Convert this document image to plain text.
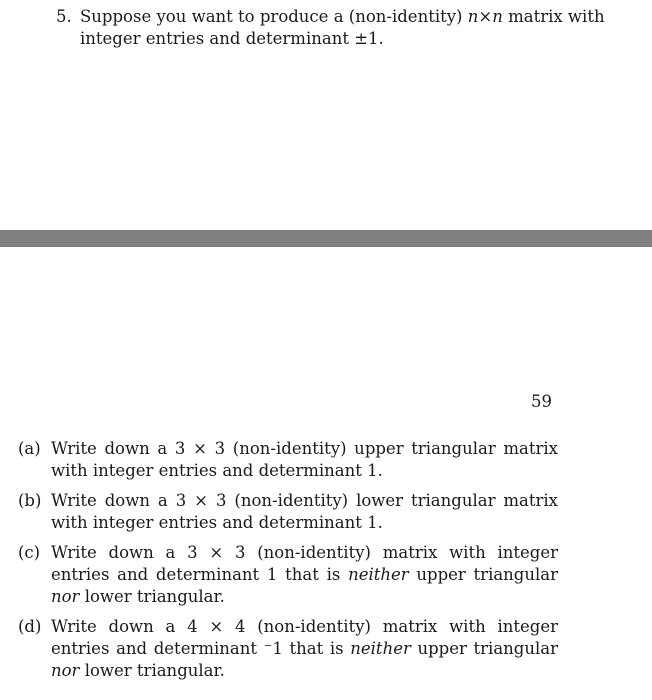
5. Suppose you want to produce a (non-identity) n×n matrix with integer entries and determinant ±1.
59
(a) Write down a 3 × 3 (non-identity) upper triangular matrix with integer entries and determinant 1.
(b) Write down a 3 × 3 (non-identity) lower triangular matrix with integer entries and determinant 1.
(c) Write down a 3 × 3 (non-identity) matrix with integer entries and determinant 1 that is neither upper triangular nor lower triangular.
(d) Write down a 4 × 4 (non-identity) matrix with integer entries and determinant ⁻1 that is neither upper triangular nor lower triangular.
